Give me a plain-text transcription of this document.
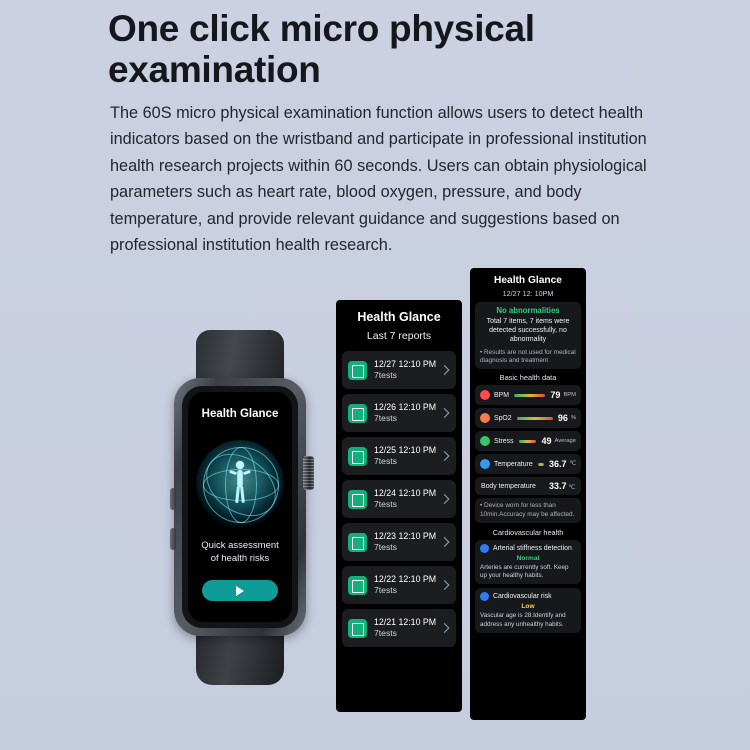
One click micro physical examination
The 60S micro physical examination function allows users to detect health indicators based on the wristband and participate in professional institution health research projects within 60 seconds. Users can obtain physiological parameters such as heart rate, blood oxygen, pressure, and body temperature, and provide relevant guidance and suggestions based on professional institution health research.
Health Glance
Quick assessment
of health risks
Health Glance
Last 7 reports
12/27 12:10 PM
7tests
12/26 12:10 PM
7tests
12/25 12:10 PM
7tests
12/24 12:10 PM
7tests
12/23 12:10 PM
7tests
12/22 12:10 PM
7tests
12/21 12:10 PM
7tests
Health Glance
12/27 12: 10PM
No abnormalities
Total 7 items, 7 items were detected successfully, no abnormality
• Results are not used for medical diagnosis and treatment
Basic health data
BPM	79 BPM
SpO2	96 %
Stress	49 Average
Temperature 36.7 ℃
Body temperature 33.7 ℃
• Device worn for less than 10min.Accuracy may be affected.
Cardiovascular health
Arterial stiffness detection
Normal
Arteries are currently soft. Keep up your healthy habits.
Cardiovascular risk
Low
Vascular age is 28.Identify and address any unhealthy habits.
